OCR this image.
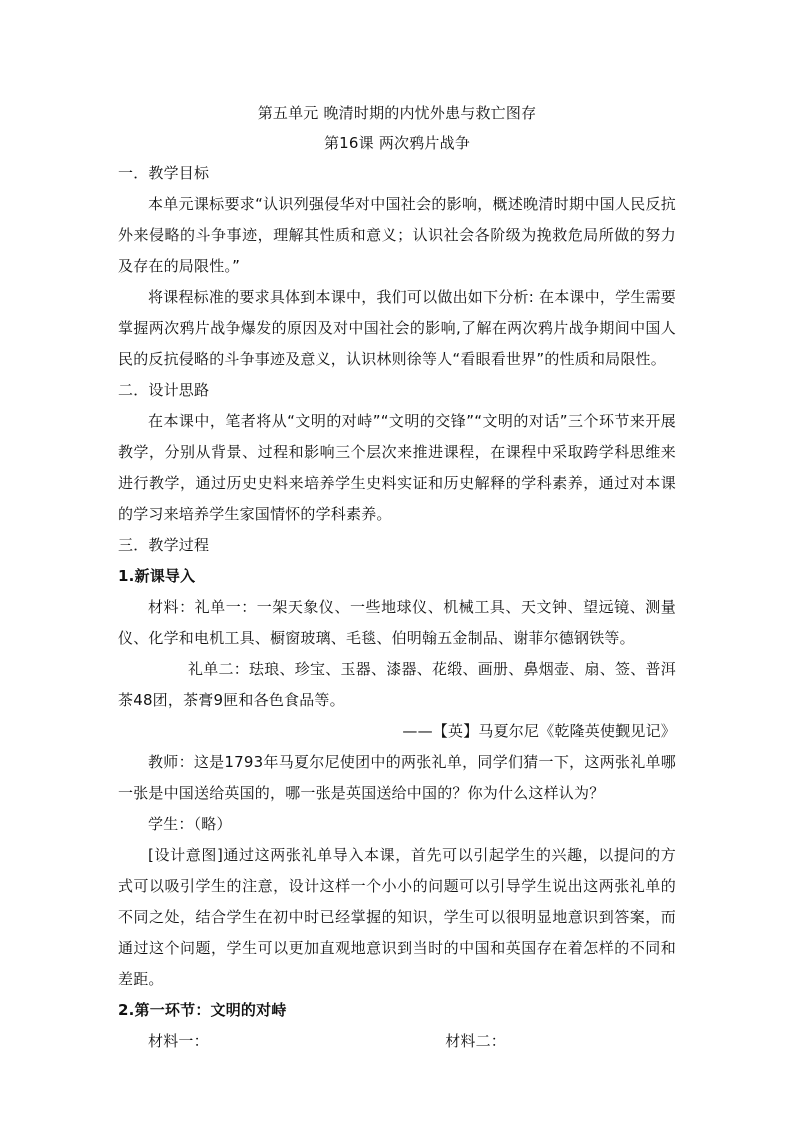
第五单元 晚清时期的内忧外患与救亡图存

第16课 两次鸦片战争

一．教学目标

本单元课标要求“认识列强侵华对中国社会的影响，概述晚清时期中国人民反抗外来侵略的斗争事迹，理解其性质和意义；认识社会各阶级为挽救危局所做的努力及存在的局限性。”

将课程标准的要求具体到本课中，我们可以做出如下分析: 在本课中，学生需要掌握两次鸦片战争爆发的原因及对中国社会的影响,了解在两次鸦片战争期间中国人民的反抗侵略的斗争事迹及意义，认识林则徐等人“看眼看世界”的性质和局限性。

二．设计思路

在本课中，笔者将从“文明的对峙”“文明的交锋”“文明的对话”三个环节来开展教学，分别从背景、过程和影响三个层次来推进课程，在课程中采取跨学科思维来进行教学，通过历史史料来培养学生史料实证和历史解释的学科素养，通过对本课的学习来培养学生家国情怀的学科素养。

三．教学过程

1.新课导入

材料：礼单一：一架天象仪、一些地球仪、机械工具、天文钟、望远镜、测量仪、化学和电机工具、橱窗玻璃、毛毯、伯明翰五金制品、谢菲尔德钢铁等。

礼单二：珐琅、珍宝、玉器、漆器、花缎、画册、鼻烟壶、扇、签、普洱茶48团，茶膏9匣和各色食品等。

——【英】马夏尔尼《乾隆英使觐见记》

教师：这是1793年马夏尔尼使团中的两张礼单，同学们猜一下，这两张礼单哪一张是中国送给英国的，哪一张是英国送给中国的？你为什么这样认为？

学生：（略）

[设计意图]通过这两张礼单导入本课，首先可以引起学生的兴趣，以提问的方式可以吸引学生的注意，设计这样一个小小的问题可以引导学生说出这两张礼单的不同之处，结合学生在初中时已经掌握的知识，学生可以很明显地意识到答案，而通过这个问题，学生可以更加直观地意识到当时的中国和英国存在着怎样的不同和差距。

2.第一环节：文明的对峙

材料一：	材料二：
